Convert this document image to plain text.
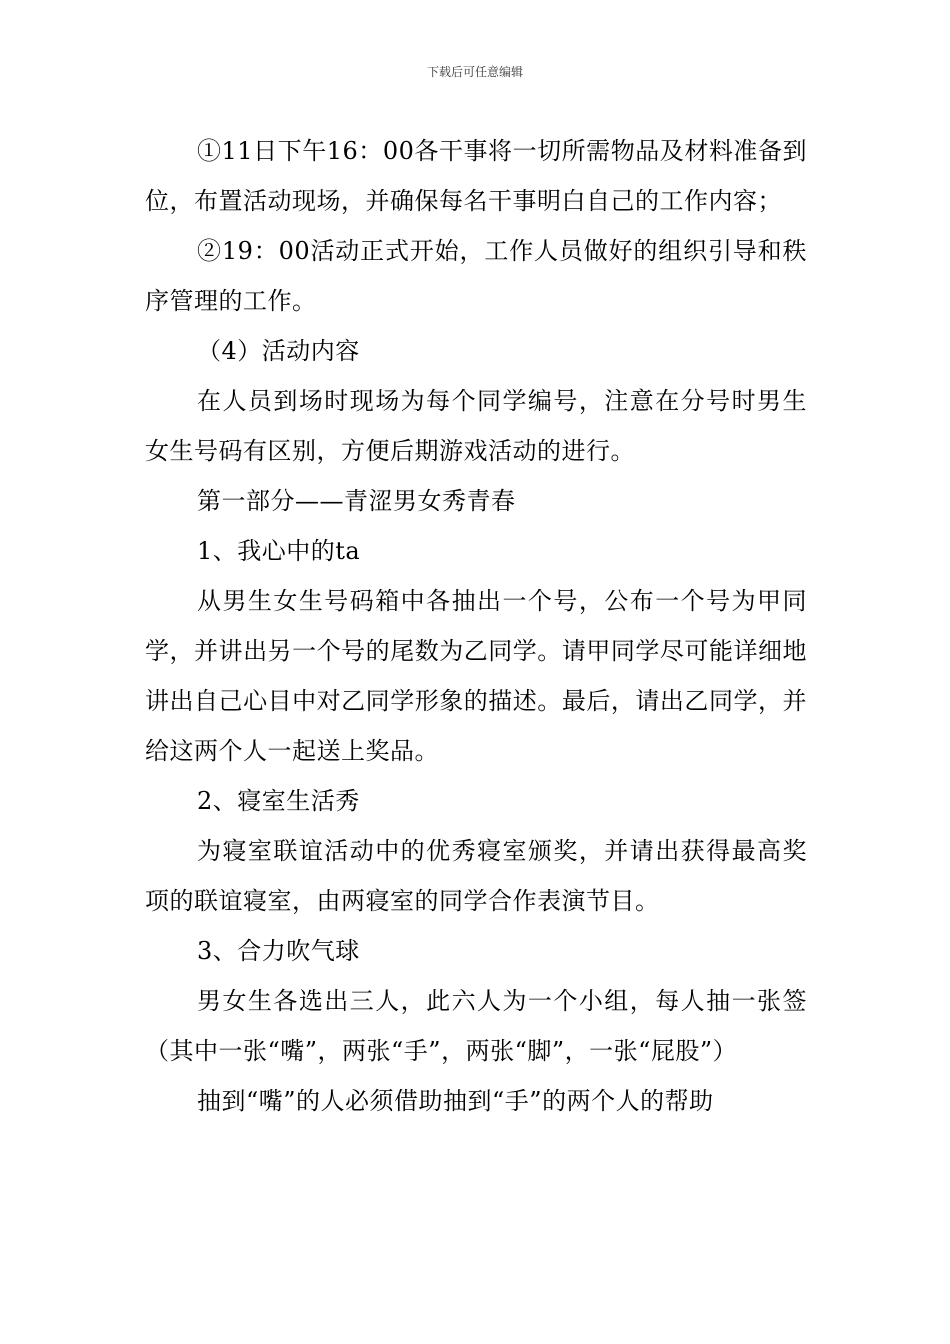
下载后可任意编辑

①11日下午16：00各干事将一切所需物品及材料准备到位，布置活动现场，并确保每名干事明白自己的工作内容；

②19：00活动正式开始，工作人员做好的组织引导和秩序管理的工作。

（4）活动内容

在人员到场时现场为每个同学编号，注意在分号时男生女生号码有区别，方便后期游戏活动的进行。

第一部分——青涩男女秀青春

1、我心中的ta

从男生女生号码箱中各抽出一个号，公布一个号为甲同学，并讲出另一个号的尾数为乙同学。请甲同学尽可能详细地讲出自己心目中对乙同学形象的描述。最后，请出乙同学，并给这两个人一起送上奖品。

2、寝室生活秀

为寝室联谊活动中的优秀寝室颁奖，并请出获得最高奖项的联谊寝室，由两寝室的同学合作表演节目。

3、合力吹气球

男女生各选出三人，此六人为一个小组，每人抽一张签（其中一张“嘴”，两张“手”，两张“脚”，一张“屁股”）

抽到“嘴”的人必须借助抽到“手”的两个人的帮助
